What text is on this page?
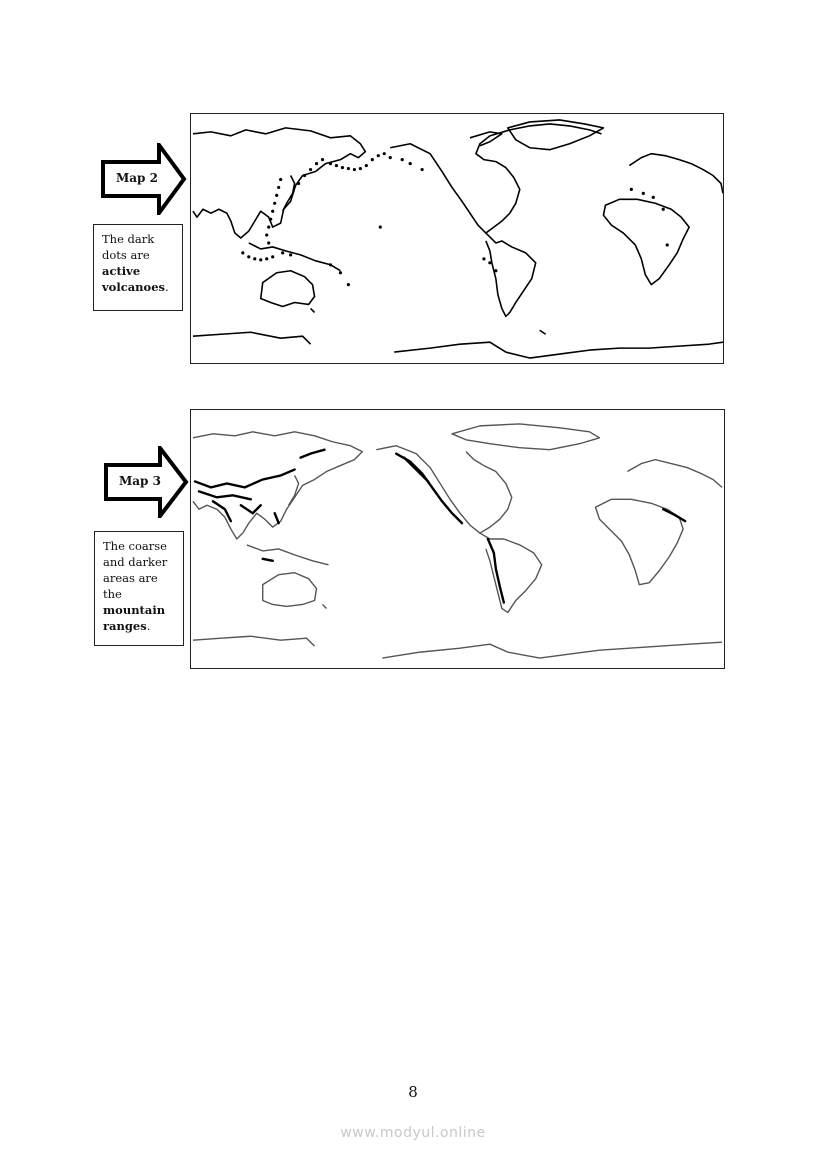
Map 2
The dark dots are active volcanoes.
Map 3
The coarse and darker areas are the mountain ranges.
8
www.modyul.online
